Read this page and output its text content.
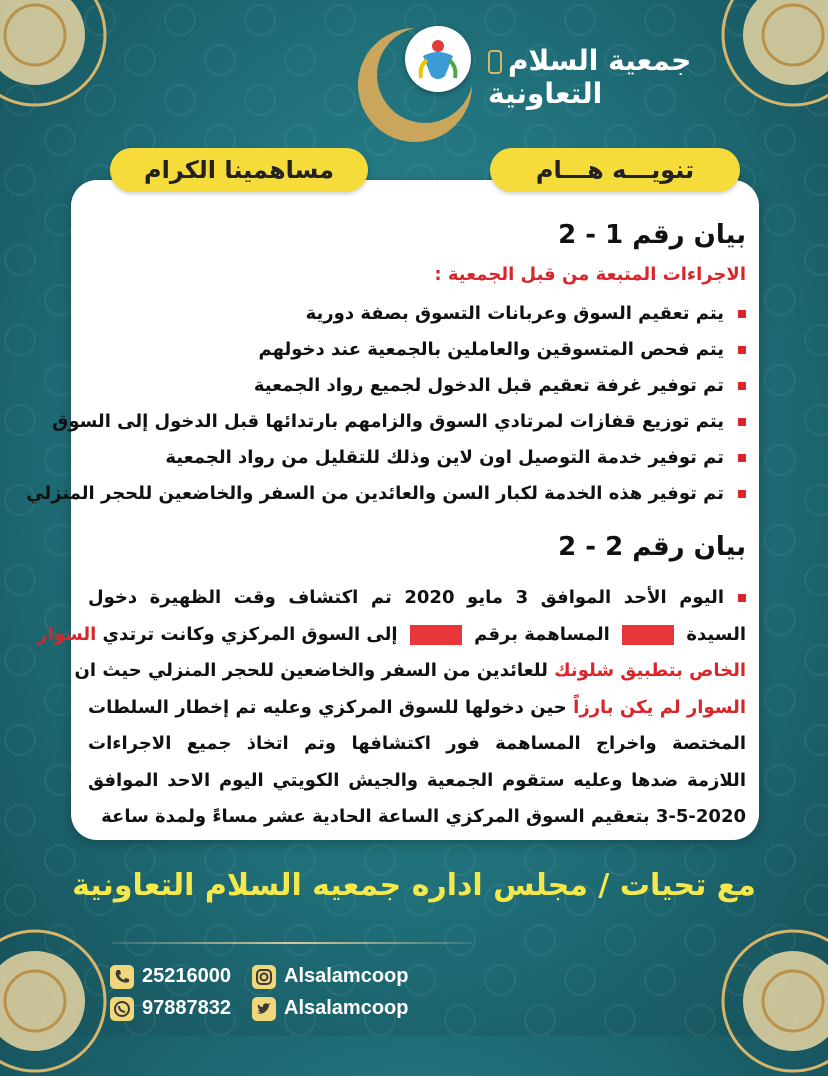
جمعية السلام التعاونية
تنويـــه هـــام
مساهمينا الكرام
بيان رقم 1 - 2
الاجراءات المتبعة من قبل الجمعية :
يتم تعقيم السوق وعربانات التسوق بصفة دورية
يتم فحص المتسوقين والعاملين بالجمعية عند دخولهم
تم توفير غرفة تعقيم قبل الدخول لجميع رواد الجمعية
يتم توزيع قفازات لمرتادي السوق والزامهم بارتدائها قبل الدخول إلى السوق
تم توفير خدمة التوصيل اون لاين وذلك للتقليل من رواد الجمعية
تم توفير هذه الخدمة لكبار السن والعائدين من السفر والخاضعين للحجر المنزلي
بيان رقم 2 - 2
اليوم الأحد الموافق 3 مايو 2020 تم اكتشاف وقت الظهيرة دخول
السيدة  المساهمة برقم  إلى السوق المركزي وكانت ترتدي السوار
الخاص بتطبيق شلونك للعائدين من السفر والخاضعين للحجر المنزلي حيث ان
السوار لم يكن بارزاً حين دخولها للسوق المركزي وعليه تم إخطار السلطات
المختصة واخراج المساهمة فور اكتشافها وتم اتخاذ جميع الاجراءات
اللازمة ضدها وعليه ستقوم الجمعية والجيش الكويتي اليوم الاحد الموافق
3-5-2020 بتعقيم السوق المركزي الساعة الحادية عشر مساءً ولمدة ساعة
مع تحيات / مجلس اداره جمعيه السلام التعاونية
25216000
97887832
Alsalamcoop
Alsalamcoop
